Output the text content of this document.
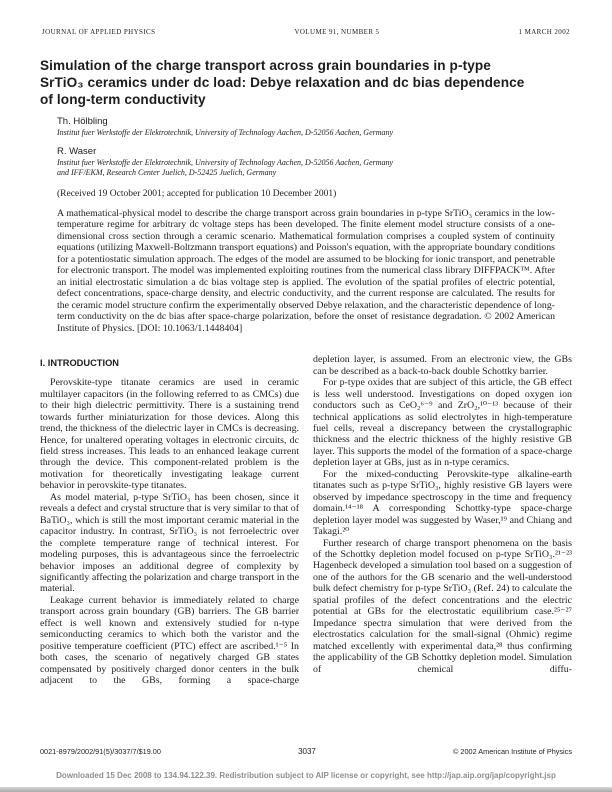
JOURNAL OF APPLIED PHYSICS	VOLUME 91, NUMBER 5	1 MARCH 2002
Simulation of the charge transport across grain boundaries in p-type
SrTiO₃ ceramics under dc load: Debye relaxation and dc bias dependence
of long-term conductivity
Th. Hölbling
Institut fuer Werkstoffe der Elektrotechnik, University of Technology Aachen, D-52056 Aachen, Germany
R. Waser
Institut fuer Werkstoffe der Elektrotechnik, University of Technology Aachen, D-52056 Aachen, Germany
and IFF/EKM, Research Center Juelich, D-52425 Juelich, Germany
(Received 19 October 2001; accepted for publication 10 December 2001)
A mathematical-physical model to describe the charge transport across grain boundaries in p-type SrTiO₃ ceramics in the low-temperature regime for arbitrary dc voltage steps has been developed. The finite element model structure consists of a one-dimensional cross section through a ceramic scenario. Mathematical formulation comprises a coupled system of continuity equations (utilizing Maxwell-Boltzmann transport equations) and Poisson's equation, with the appropriate boundary conditions for a potentiostatic simulation approach. The edges of the model are assumed to be blocking for ionic transport, and penetrable for electronic transport. The model was implemented exploiting routines from the numerical class library DIFFPACK™. After an initial electrostatic simulation a dc bias voltage step is applied. The evolution of the spatial profiles of electric potential, defect concentrations, space-charge density, and electric conductivity, and the current response are calculated. The results for the ceramic model structure confirm the experimentally observed Debye relaxation, and the characteristic dependence of long-term conductivity on the dc bias after space-charge polarization, before the onset of resistance degradation. © 2002 American Institute of Physics. [DOI: 10.1063/1.1448404]
I. INTRODUCTION

Perovskite-type titanate ceramics are used in ceramic multilayer capacitors (in the following referred to as CMCs) due to their high dielectric permittivity. There is a sustaining trend towards further miniaturization for those devices. Along this trend, the thickness of the dielectric layer in CMCs is decreasing. Hence, for unaltered operating voltages in electronic circuits, dc field stress increases. This leads to an enhanced leakage current through the device. This component-related problem is the motivation for theoretically investigating leakage current behavior in perovskite-type titanates.

As model material, p-type SrTiO₃ has been chosen, since it reveals a defect and crystal structure that is very similar to that of BaTiO₃, which is still the most important ceramic material in the capacitor industry. In contrast, SrTiO₃ is not ferroelectric over the complete temperature range of technical interest. For modeling purposes, this is advantageous since the ferroelectric behavior imposes an additional degree of complexity by significantly affecting the polarization and charge transport in the material.

Leakage current behavior is immediately related to charge transport across grain boundary (GB) barriers. The GB barrier effect is well known and extensively studied for n-type semiconducting ceramics to which both the varistor and the positive temperature coefficient (PTC) effect are ascribed.¹⁻⁵ In both cases, the scenario of negatively charged GB states compensated by positively charged donor centers in the bulk adjacent to the GBs, forming a space-charge

depletion layer, is assumed. From an electronic view, the GBs can be described as a back-to-back double Schottky barrier.

For p-type oxides that are subject of this article, the GB effect is less well understood. Investigations on doped oxygen ion conductors such as CeO₂⁶⁻⁹ and ZrO₂,¹⁰⁻¹³ because of their technical applications as solid electrolytes in high-temperature fuel cells, reveal a discrepancy between the crystallographic thickness and the electric thickness of the highly resistive GB layer. This supports the model of the formation of a space-charge depletion layer at GBs, just as in n-type ceramics.

For the mixed-conducting Perovskite-type alkaline-earth titanates such as p-type SrTiO₃, highly resistive GB layers were observed by impedance spectroscopy in the time and frequency domain.¹⁴⁻¹⁸ A corresponding Schottky-type space-charge depletion layer model was suggested by Waser,¹⁹ and Chiang and Takagi.²⁰

Further research of charge transport phenomena on the basis of the Schottky depletion model focused on p-type SrTiO₃.²¹⁻²³ Hagenbeck developed a simulation tool based on a suggestion of one of the authors for the GB scenario and the well-understood bulk defect chemistry for p-type SrTiO₃ (Ref. 24) to calculate the spatial profiles of the defect concentrations and the electric potential at GBs for the electrostatic equilibrium case.²⁵⁻²⁷ Impedance spectra simulation that were derived from the electrostatics calculation for the small-signal (Ohmic) regime matched excellently with experimental data,²⁸ thus confirming the applicability of the GB Schottky depletion model. Simulation of chemical diffu-

0021-8979/2002/91(5)/3037/7/$19.00	3037	© 2002 American Institute of Physics
Downloaded 15 Dec 2008 to 134.94.122.39. Redistribution subject to AIP license or copyright, see http://jap.aip.org/jap/copyright.jsp
